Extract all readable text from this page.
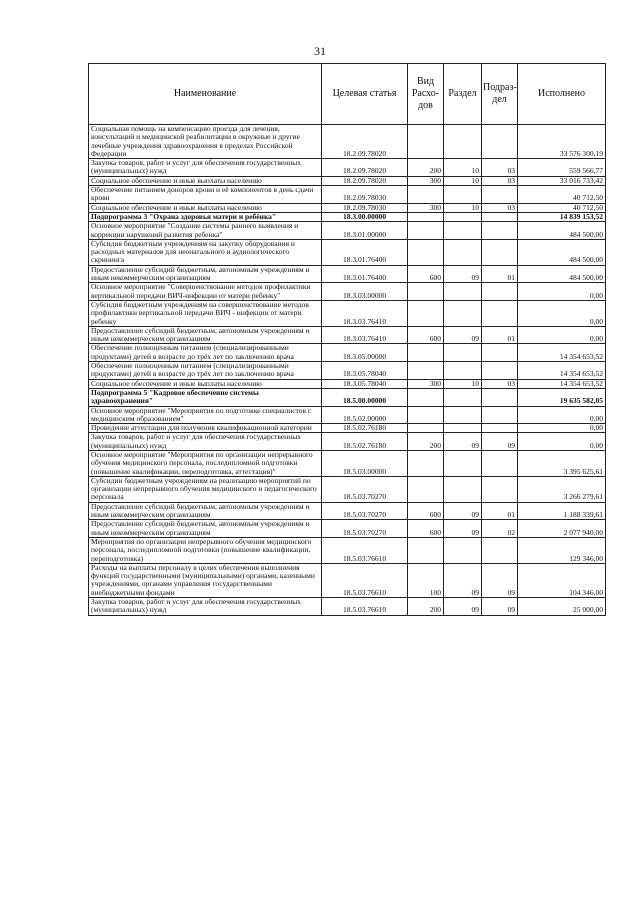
31
Наименование	Целевая статья	Вид Расхо- дов	Раздел	Подраз- дел	Исполнено
Социальная помощь на компенсацию проезда для лечения, консультаций и медицинской реабилитации в окружные и другие лечебные учреждения здравоохранения в пределах Российской Федерации	18.2.09.78020				33 576 300,19
Закупка товаров, работ и услуг для обеспечения государственных (муниципальных) нужд	18.2.09.78020	200	10	03	559 566,77
Социальное обеспечение и иные выплаты населению	18.2.09.78020	300	10	03	33 016 733,42
Обеспечение питанием доноров крови и её компонентов в день сдачи крови	18.2.09.78030				40 712,50
Социальное обеспечение и иные выплаты населению	18.2.09.78030	300	10	03	40 712,50
Подпрограмма 3 "Охрана здоровья матери и ребёнка"	18.3.00.00000				14 839 153,52
Основное мероприятие "Создание системы раннего выявления и коррекции нарушений развития ребенка"	18.3.01.00000				484 500,00
Субсидия бюджетным учреждениям на закупку оборудования и расходных материалов для неонатального и аудиологического скрининга	18.3.01.76400				484 500,00
Предоставление субсидий бюджетным, автономным учреждениям и иным некоммерческим организациям	18.3.01.76400	600	09	01	484 500,00
Основное мероприятие "Совершенствование методов профилактики вертикальной передачи ВИЧ-инфекции от матери ребенку"	18.3.03.00000				0,00
Субсидия бюджетным учреждениям на совершенствование методов профилактики вертикальной передачи ВИЧ - инфекции от матери ребенку	18.3.03.76410				0,00
Предоставление субсидий бюджетным, автономным учреждениям и иным некоммерческим организациям	18.3.03.76410	600	09	01	0,00
Обеспечение полноценным питанием (специализированными продуктами) детей в возрасте до трёх лет по заключению врача	18.3.05.00000				14 354 653,52
Обеспечение полноценным питанием (специализированными продуктами) детей в возрасте до трёх лет по заключению врача	18.3.05.78040				14 354 653,52
Социальное обеспечение и иные выплаты населению	18.3.05.78040	300	10	03	14 354 653,52
Подпрограмма 5 "Кадровое обеспечение системы здравоохранения"	18.5.00.00000				19 635 582,05
Основное мероприятие "Мероприятия по подготовке специалистов с медицинским образованием"	18.5.02.00000				0,00
Проведение аттестации для получения квалификационной категории	18.5.02.76180				0,00
Закупка товаров, работ и услуг для обеспечения государственных (муниципальных) нужд	18.5.02.76180	200	09	09	0,00
Основное мероприятие "Мероприятия по организации непрерывного обучения медицинского персонала, последипломной подготовки (повышение квалификации, переподготовка, аттестация)"	18.5.03.00000				3 395 625,61
Субсидии бюджетным учреждениям на реализацию мероприятий по организации непрерывного обучения медицинского и педагогического персонала	18.5.03.70270				3 266 279,61
Предоставление субсидий бюджетным, автономным учреждениям и иным некоммерческим организациям	18.5.03.70270	600	09	01	1 188 339,61
Предоставление субсидий бюджетным, автономным учреждениям и иным некоммерческим организациям	18.5.03.70270	600	09	02	2 077 940,00
Мероприятия по организации непрерывного обучения медицинского персонала, последипломной подготовки (повышение квалификации, переподготовка)	18.5.03.76610				129 346,00
Расходы на выплаты персоналу в целях обеспечения выполнения функций государственными (муниципальными) органами, казенными учреждениями, органами управления государственными внебюджетными фондами	18.5.03.76610	100	09	09	104 346,00
Закупка товаров, работ и услуг для обеспечения государственных (муниципальных) нужд	18.5.03.76610	200	09	09	25 000,00
